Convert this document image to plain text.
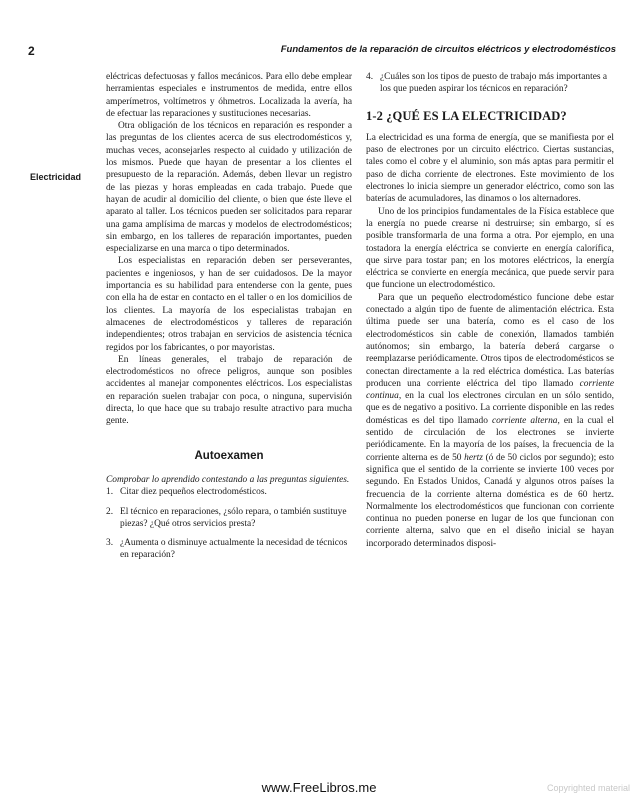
2	Fundamentos de la reparación de circuitos eléctricos y electrodomésticos
Electricidad

eléctricas defectuosas y fallos mecánicos. Para ello debe emplear herramientas especiales e instrumentos de medida, entre ellos amperímetros, voltímetros y óhmetros. Localizada la avería, ha de efectuar las reparaciones y sustituciones necesarias.

Otra obligación de los técnicos en reparación es responder a las preguntas de los clientes acerca de sus electrodomésticos y, muchas veces, aconsejarles respecto al cuidado y utilización de los mismos. Puede que hayan de presentar a los clientes el presupuesto de la reparación. Además, deben llevar un registro de las piezas y horas empleadas en cada trabajo. Puede que hayan de acudir al domicilio del cliente, o bien que éste lleve el aparato al taller. Los técnicos pueden ser solicitados para reparar una gama amplísima de marcas y modelos de electrodomésticos; sin embargo, en los talleres de reparación importantes, pueden especializarse en una marca o tipo determinados.

Los especialistas en reparación deben ser perseverantes, pacientes e ingeniosos, y han de ser cuidadosos. De la mayor importancia es su habilidad para entenderse con la gente, pues con ella ha de estar en contacto en el taller o en los domicilios de los clientes. La mayoría de los especialistas trabajan en almacenes de electrodomésticos y talleres de reparación independientes; otros trabajan en servicios de asistencia técnica regidos por los fabricantes, o por mayoristas.

En líneas generales, el trabajo de reparación de electrodomésticos no ofrece peligros, aunque son posibles accidentes al manejar componentes eléctricos. Los especialistas en reparación suelen trabajar con poca, o ninguna, supervisión directa, lo que hace que su trabajo resulte atractivo para mucha gente.

Autoexamen

Comprobar lo aprendido contestando a las preguntas siguientes.

1. Citar diez pequeños electrodomésticos.
2. El técnico en reparaciones, ¿sólo repara, o también sustituye piezas? ¿Qué otros servicios presta?
3. ¿Aumenta o disminuye actualmente la necesidad de técnicos en reparación?
4. ¿Cuáles son los tipos de puesto de trabajo más importantes a los que pueden aspirar los técnicos en reparación?
1-2 ¿QUÉ ES LA ELECTRICIDAD?

La electricidad es una forma de energía, que se manifiesta por el paso de electrones por un circuito eléctrico. Ciertas sustancias, tales como el cobre y el aluminio, son más aptas para permitir el paso de dicha corriente de electrones. Este movimiento de los electrones lo inicia siempre un generador eléctrico, como son las baterías de acumuladores, las dinamos o los alternadores.

Uno de los principios fundamentales de la Física establece que la energía no puede crearse ni destruirse; sin embargo, sí es posible transformarla de una forma a otra. Por ejemplo, en una tostadora la energía eléctrica se convierte en energía calorífica, que sirve para tostar pan; en los motores eléctricos, la energía eléctrica se convierte en energía mecánica, que puede servir para que funcione un electrodoméstico.

Para que un pequeño electrodoméstico funcione debe estar conectado a algún tipo de fuente de alimentación eléctrica. Esta última puede ser una batería, como es el caso de los electrodomésticos sin cable de conexión, llamados también autónomos; sin embargo, la batería deberá cargarse o reemplazarse periódicamente. Otros tipos de electrodomésticos se conectan directamente a la red eléctrica doméstica. Las baterías producen una corriente eléctrica del tipo llamado corriente continua, en la cual los electrones circulan en un sólo sentido, que es de negativo a positivo. La corriente disponible en las redes domésticas es del tipo llamado corriente alterna, en la cual el sentido de circulación de los electrones se invierte periódicamente. En la mayoría de los países, la frecuencia de la corriente alterna es de 50 hertz (ó de 50 ciclos por segundo); esto significa que el sentido de la corriente se invierte 100 veces por segundo. En Estados Unidos, Canadá y algunos otros países la frecuencia de la corriente alterna doméstica es de 60 hertz. Normalmente los electrodomésticos que funcionan con corriente continua no pueden ponerse en lugar de los que funcionan con corriente alterna, salvo que en el diseño inicial se hayan incorporado determinados disposi-

www.FreeLibros.me	Copyrighted material
